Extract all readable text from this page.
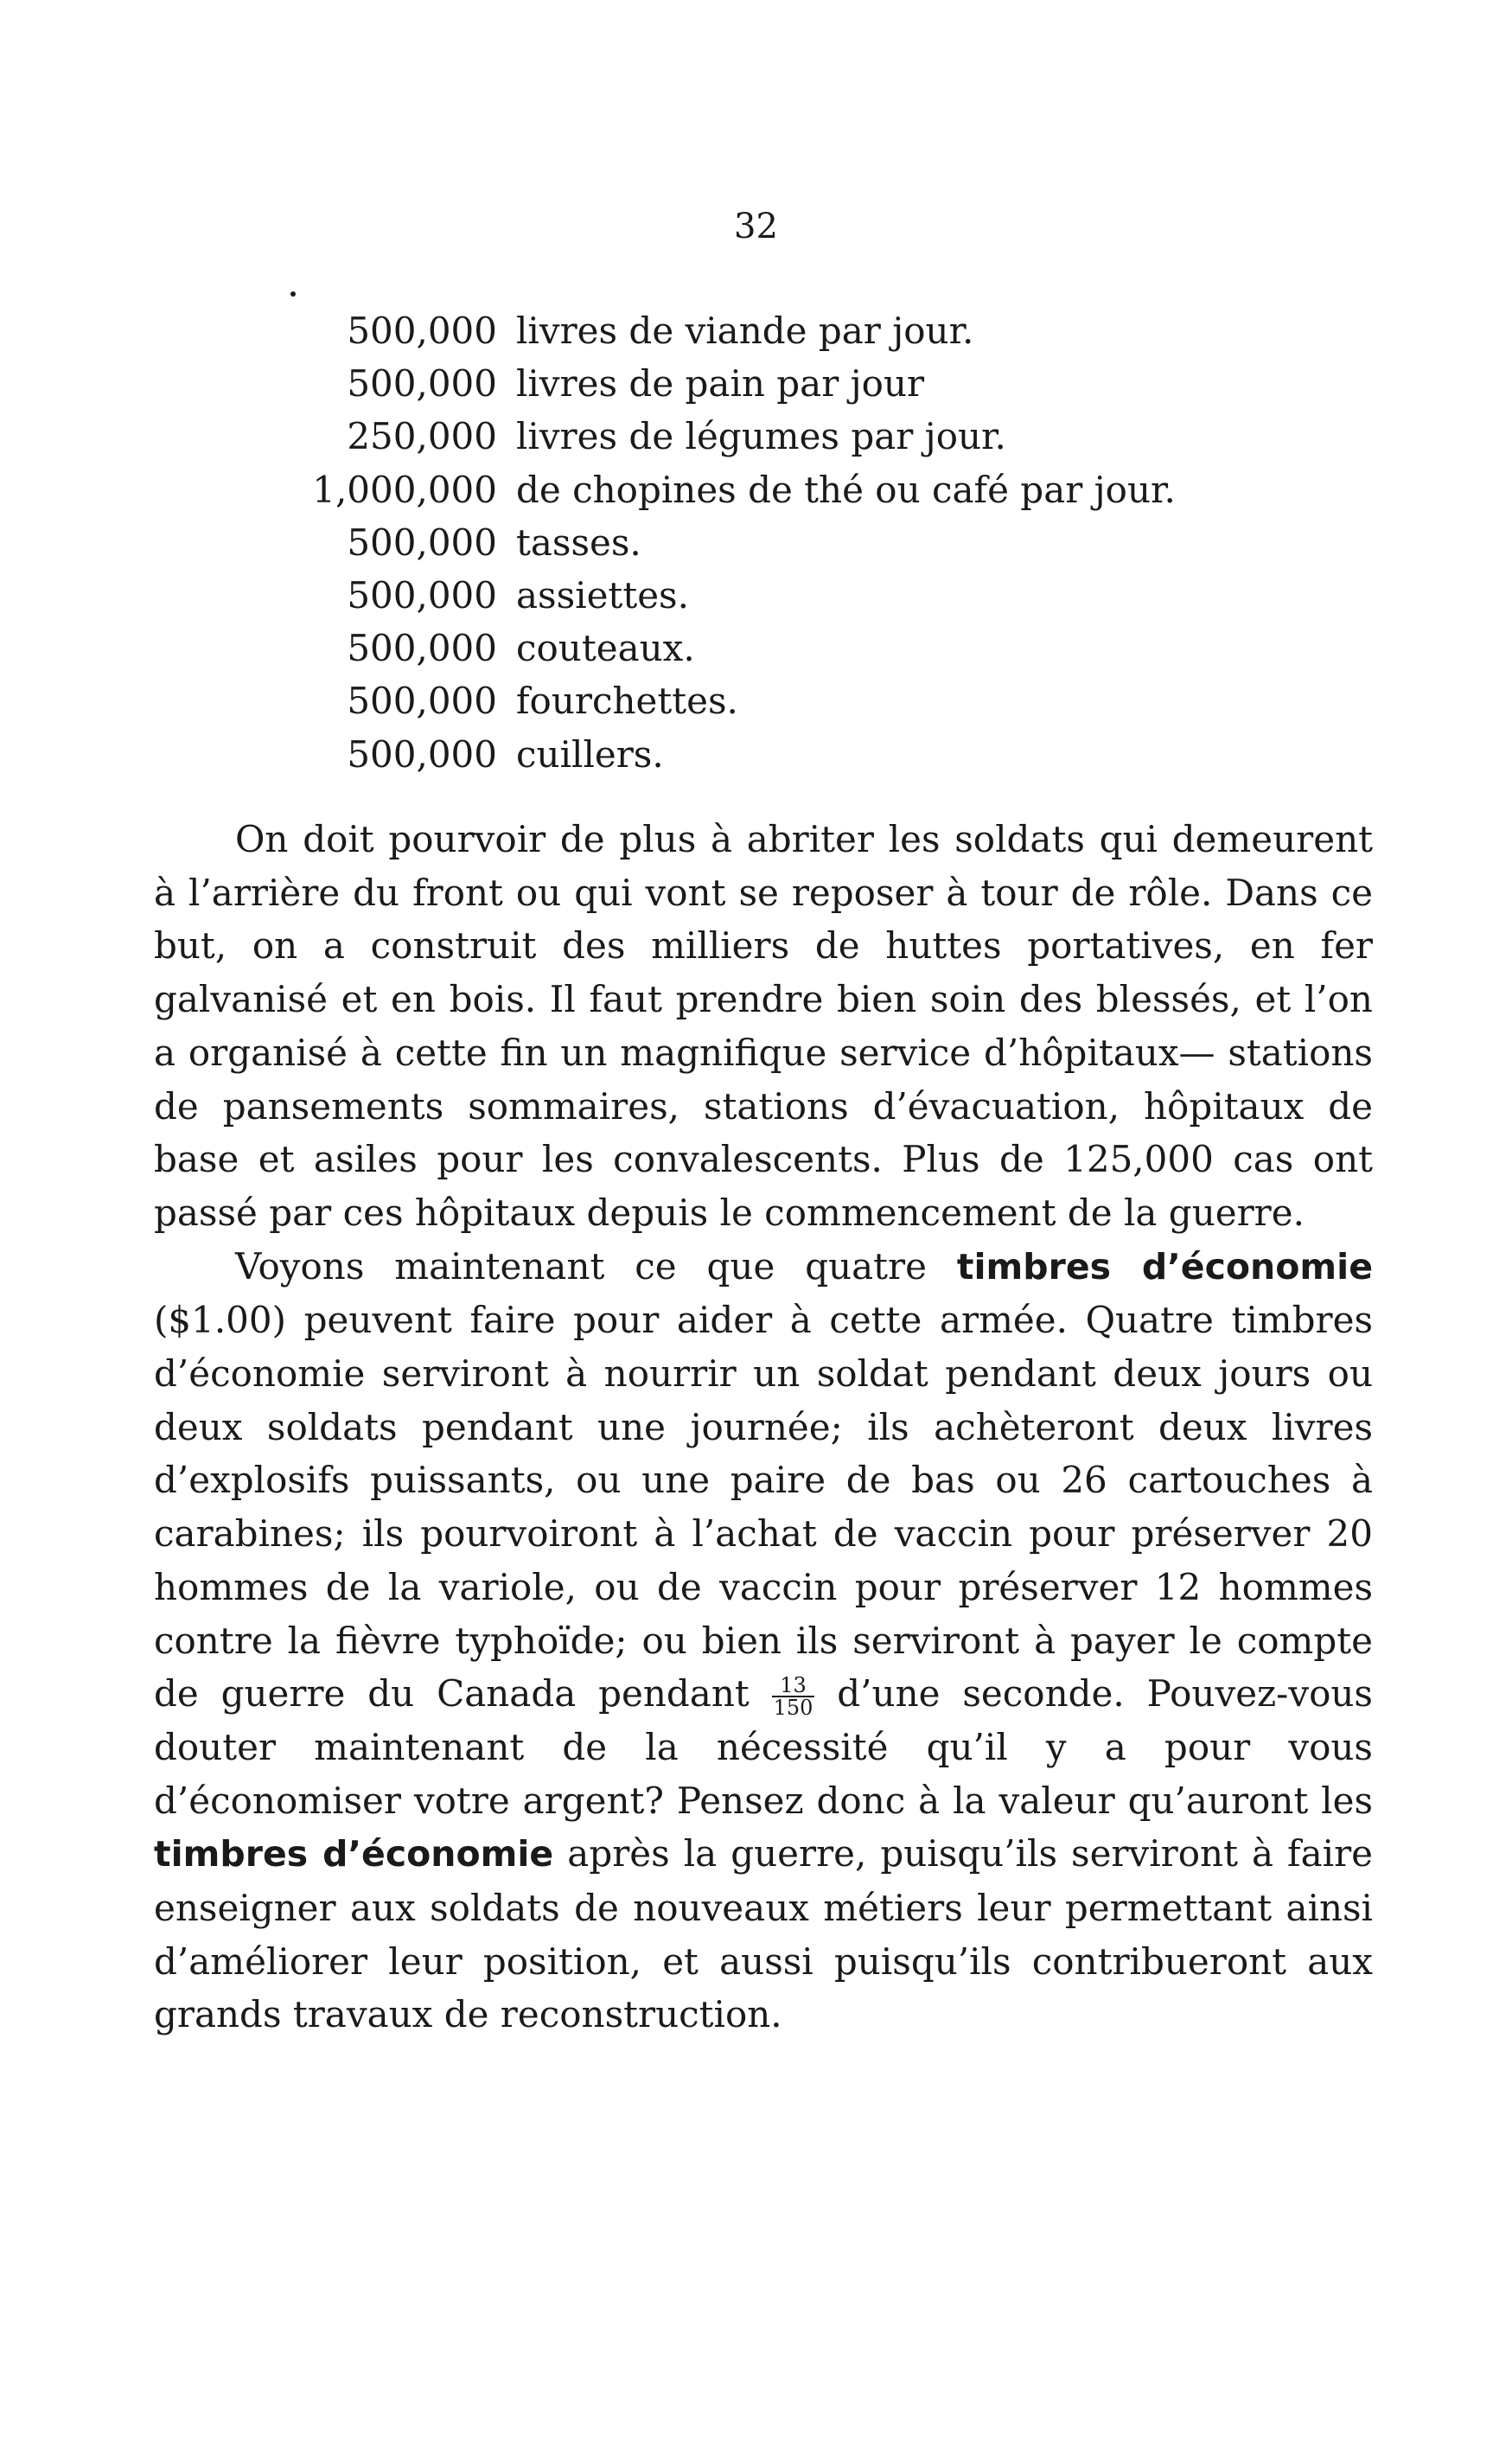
32
500,000 livres de viande par jour.
500,000 livres de pain par jour
250,000 livres de légumes par jour.
1,000,000 de chopines de thé ou café par jour.
500,000 tasses.
500,000 assiettes.
500,000 couteaux.
500,000 fourchettes.
500,000 cuillers.

On doit pourvoir de plus à abriter les soldats qui demeurent à l’arrière du front ou qui vont se reposer à tour de rôle. Dans ce but, on a construit des milliers de huttes portatives, en fer galvanisé et en bois. Il faut prendre bien soin des blessés, et l’on a organisé à cette fin un magnifique service d’hôpitaux— stations de pansements sommaires, stations d’évacuation, hôpitaux de base et asiles pour les convalescents. Plus de 125,000 cas ont passé par ces hôpitaux depuis le commencement de la guerre.

Voyons maintenant ce que quatre timbres d’économie ($1.00) peuvent faire pour aider à cette armée. Quatre timbres d’économie serviront à nourrir un soldat pendant deux jours ou deux soldats pendant une journée; ils achèteront deux livres d’explosifs puissants, ou une paire de bas ou 26 cartouches à carabines; ils pourvoiront à l’achat de vaccin pour préserver 20 hommes de la variole, ou de vaccin pour préserver 12 hommes contre la fièvre typhoïde; ou bien ils serviront à payer le compte de guerre du Canada pendant $\frac{13}{150}$ d’une seconde. Pouvez-vous douter maintenant de la nécessité qu’il y a pour vous d’économiser votre argent? Pensez donc à la valeur qu’auront les timbres d’économie après la guerre, puisqu’ils serviront à faire enseigner aux soldats de nouveaux métiers leur permettant ainsi d’améliorer leur position, et aussi puisqu’ils contribueront aux grands travaux de reconstruction.
